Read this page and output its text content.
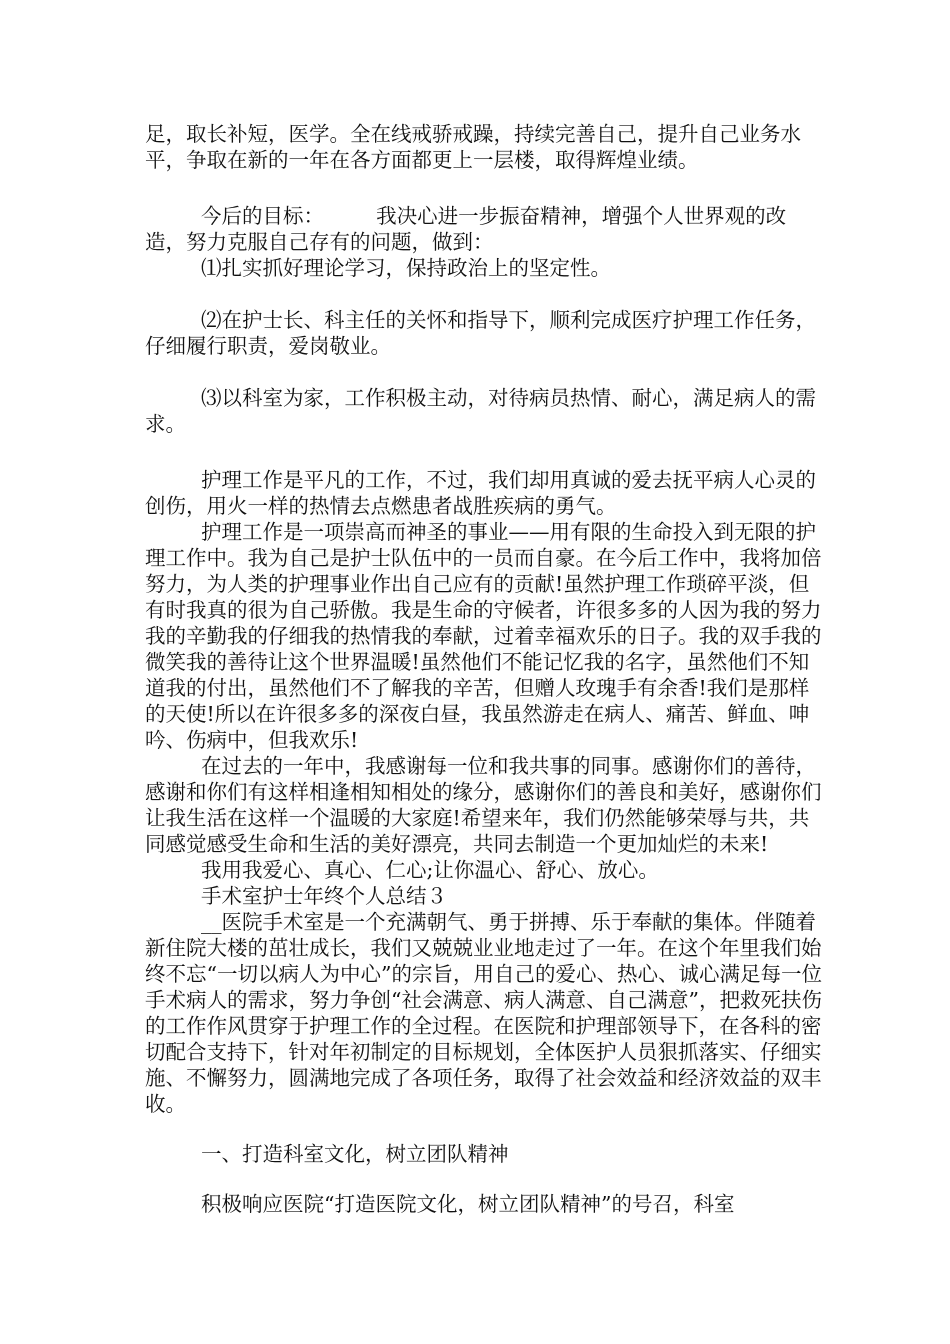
足，取长补短，医学。全在线戒骄戒躁，持续完善自己，提升自己业务水平，争取在新的一年在各方面都更上一层楼，取得辉煌业绩。

今后的目标：        我决心进一步振奋精神，增强个人世界观的改造，努力克服自己存有的问题，做到：

⑴扎实抓好理论学习，保持政治上的坚定性。

⑵在护士长、科主任的关怀和指导下，顺利完成医疗护理工作任务，仔细履行职责，爱岗敬业。

⑶以科室为家，工作积极主动，对待病员热情、耐心，满足病人的需求。

护理工作是平凡的工作，不过，我们却用真诚的爱去抚平病人心灵的创伤，用火一样的热情去点燃患者战胜疾病的勇气。

护理工作是一项崇高而神圣的事业——用有限的生命投入到无限的护理工作中。我为自己是护士队伍中的一员而自豪。在今后工作中，我将加倍努力，为人类的护理事业作出自己应有的贡献!虽然护理工作琐碎平淡，但有时我真的很为自己骄傲。我是生命的守候者，许很多多的人因为我的努力我的辛勤我的仔细我的热情我的奉献，过着幸福欢乐的日子。我的双手我的微笑我的善待让这个世界温暖!虽然他们不能记忆我的名字，虽然他们不知道我的付出，虽然他们不了解我的辛苦，但赠人玫瑰手有余香!我们是那样的天使!所以在许很多多的深夜白昼，我虽然游走在病人、痛苦、鲜血、呻吟、伤病中，但我欢乐!

在过去的一年中，我感谢每一位和我共事的同事。感谢你们的善待，感谢和你们有这样相逢相知相处的缘分，感谢你们的善良和美好，感谢你们让我生活在这样一个温暖的大家庭!希望来年，我们仍然能够荣辱与共，共同感觉感受生命和生活的美好漂亮，共同去制造一个更加灿烂的未来!

我用我爱心、真心、仁心;让你温心、舒心、放心。

手术室护士年终个人总结３

__医院手术室是一个充满朝气、勇于拼搏、乐于奉献的集体。伴随着新住院大楼的茁壮成长，我们又兢兢业业地走过了一年。在这个年里我们始终不忘“一切以病人为中心”的宗旨，用自己的爱心、热心、诚心满足每一位手术病人的需求，努力争创“社会满意、病人满意、自己满意”，把救死扶伤的工作作风贯穿于护理工作的全过程。在医院和护理部领导下，在各科的密切配合支持下，针对年初制定的目标规划，全体医护人员狠抓落实、仔细实施、不懈努力，圆满地完成了各项任务，取得了社会效益和经济效益的双丰收。

一、打造科室文化，树立团队精神

积极响应医院“打造医院文化，树立团队精神”的号召，科室
